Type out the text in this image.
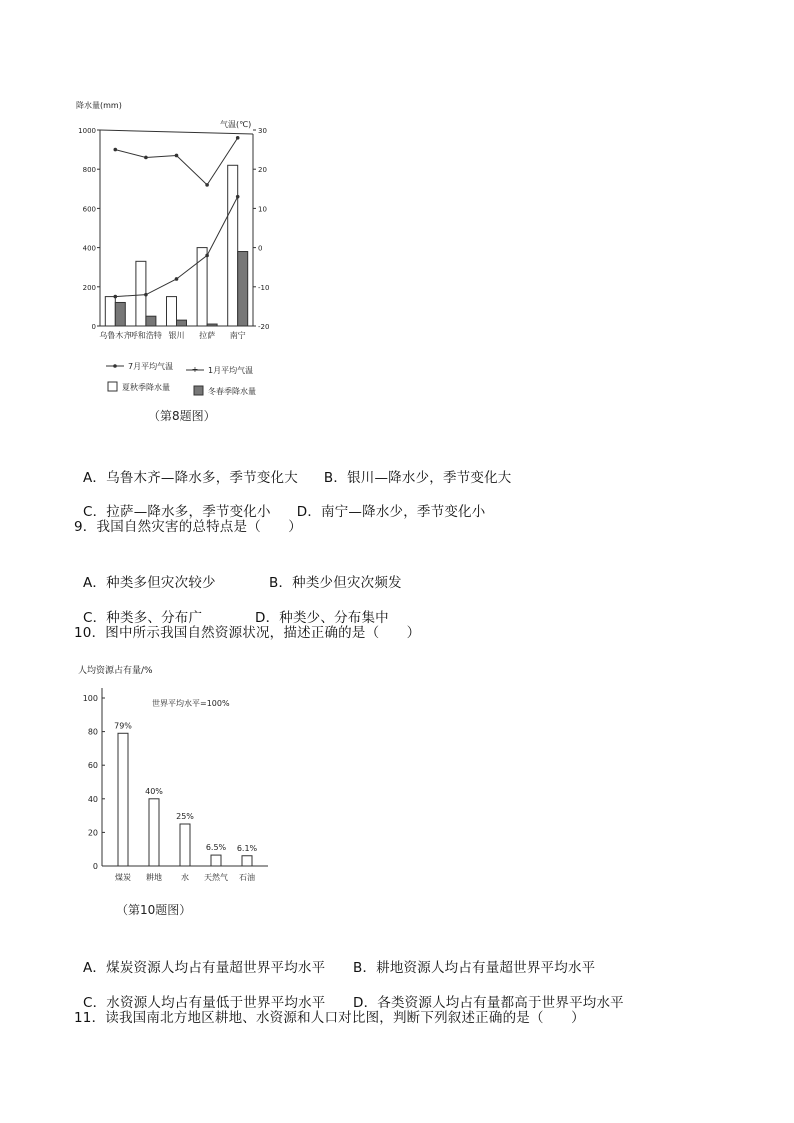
降水量(mm)
气温(℃)
0
200
400
600
800
1000
-20
-10
0
10
20
30
乌鲁木齐
呼和浩特 银川 拉萨 南宁
7月平均气温 + 1月平均气温
夏秋季降水量	冬春季降水量
（第8题图）

A．乌鲁木齐—降水多，季节变化大 B．银川—降水少，季节变化大

C．拉萨—降水多，季节变化小 D．南宁—降水少，季节变化小

9．我国自然灾害的总特点是（　　）

A．种类多但灾次较少	B．种类少但灾次频发

C．种类多、分布广	D．种类少、分布集中

10．图中所示我国自然资源状况，描述正确的是（　　）
人均资源占有量/%
世界平均水平=100%
0
20
40
60
80
100
79%
煤炭
40%
耕地
25%
水
6.5%
天然气
6.1%
石油
（第10题图）

A．煤炭资源人均占有量超世界平均水平 B．耕地资源人均占有量超世界平均水平

C．水资源人均占有量低于世界平均水平 D．各类资源人均占有量都高于世界平均水平

11．读我国南北方地区耕地、水资源和人口对比图，判断下列叙述正确的是（　　）
